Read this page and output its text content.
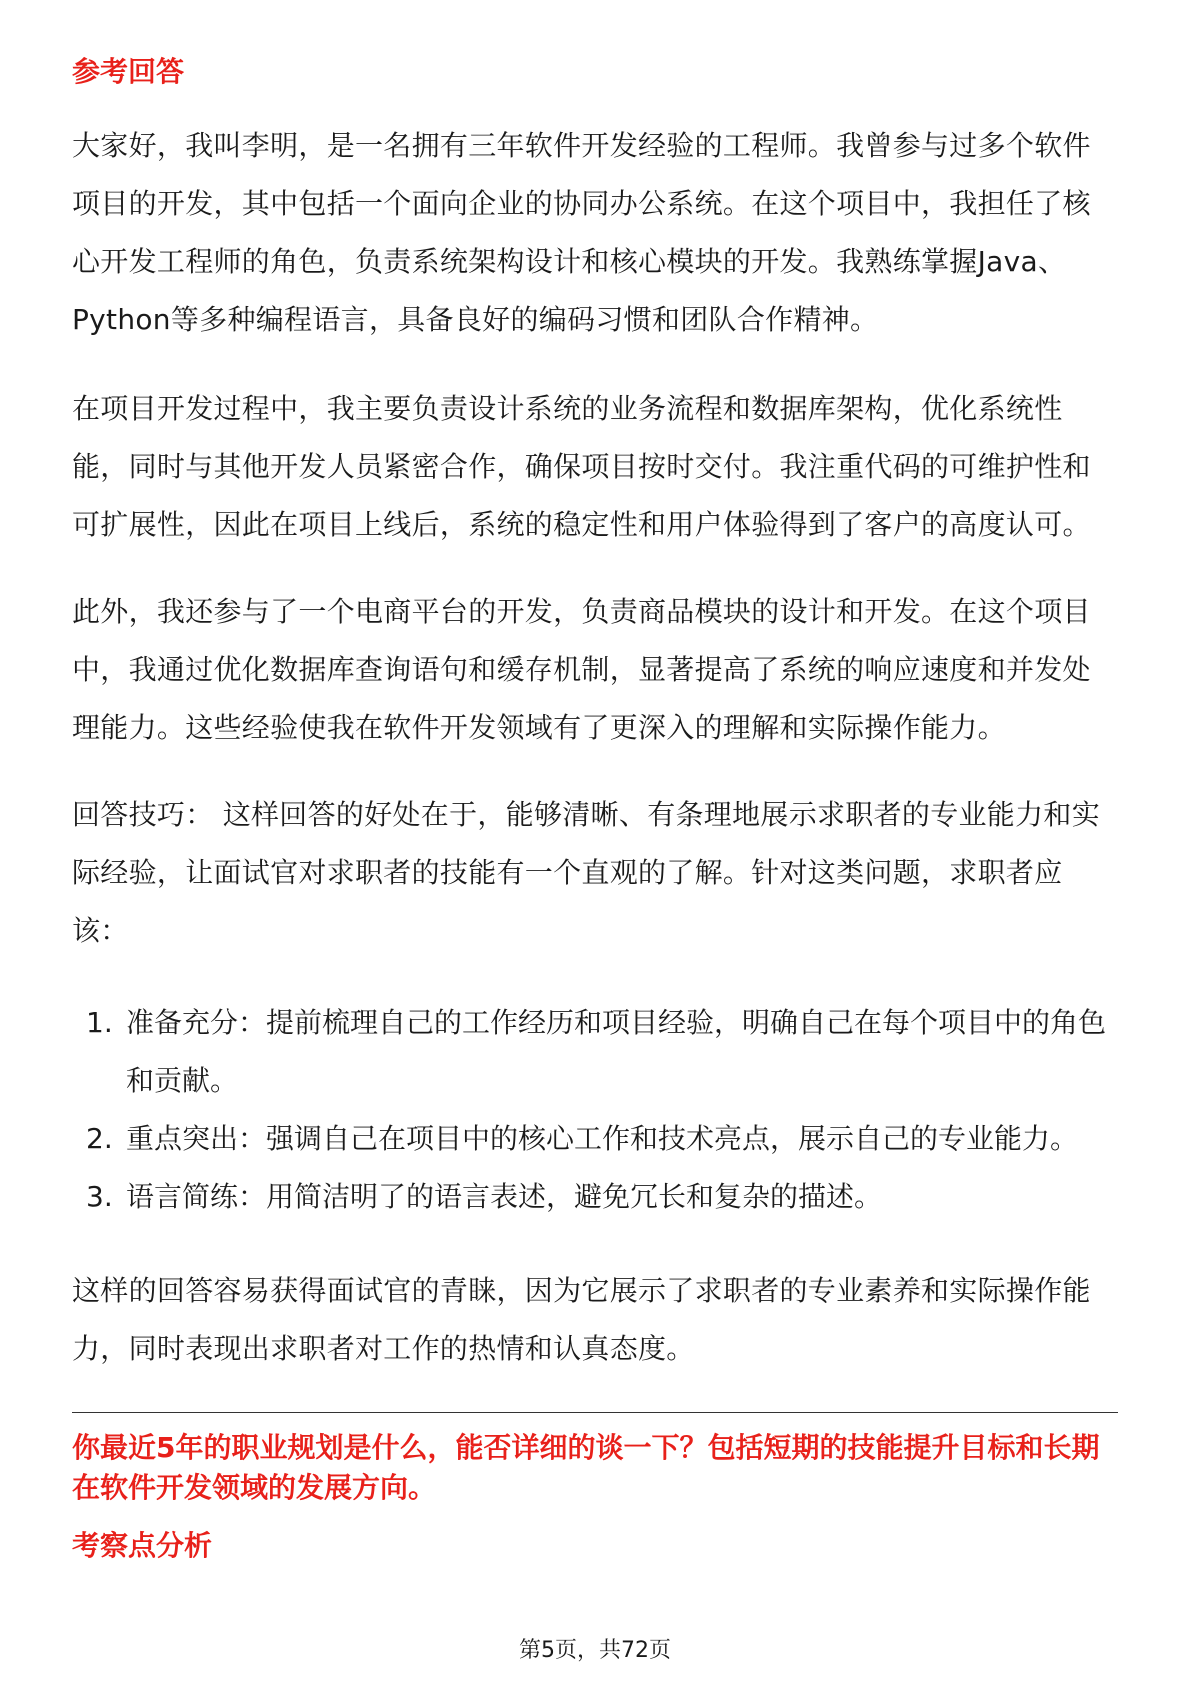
参考回答

大家好，我叫李明，是一名拥有三年软件开发经验的工程师。我曾参与过多个软件项目的开发，其中包括一个面向企业的协同办公系统。在这个项目中，我担任了核心开发工程师的角色，负责系统架构设计和核心模块的开发。我熟练掌握Java、Python等多种编程语言，具备良好的编码习惯和团队合作精神。

在项目开发过程中，我主要负责设计系统的业务流程和数据库架构，优化系统性能，同时与其他开发人员紧密合作，确保项目按时交付。我注重代码的可维护性和可扩展性，因此在项目上线后，系统的稳定性和用户体验得到了客户的高度认可。

此外，我还参与了一个电商平台的开发，负责商品模块的设计和开发。在这个项目中，我通过优化数据库查询语句和缓存机制，显著提高了系统的响应速度和并发处理能力。这些经验使我在软件开发领域有了更深入的理解和实际操作能力。

回答技巧： 这样回答的好处在于，能够清晰、有条理地展示求职者的专业能力和实际经验，让面试官对求职者的技能有一个直观的了解。针对这类问题，求职者应该：

1. 准备充分：提前梳理自己的工作经历和项目经验，明确自己在每个项目中的角色和贡献。
2. 重点突出：强调自己在项目中的核心工作和技术亮点，展示自己的专业能力。
3. 语言简练：用简洁明了的语言表述，避免冗长和复杂的描述。

这样的回答容易获得面试官的青睐，因为它展示了求职者的专业素养和实际操作能力，同时表现出求职者对工作的热情和认真态度。

你最近5年的职业规划是什么，能否详细的谈一下？包括短期的技能提升目标和长期在软件开发领域的发展方向。
考察点分析
第5页，共72页
